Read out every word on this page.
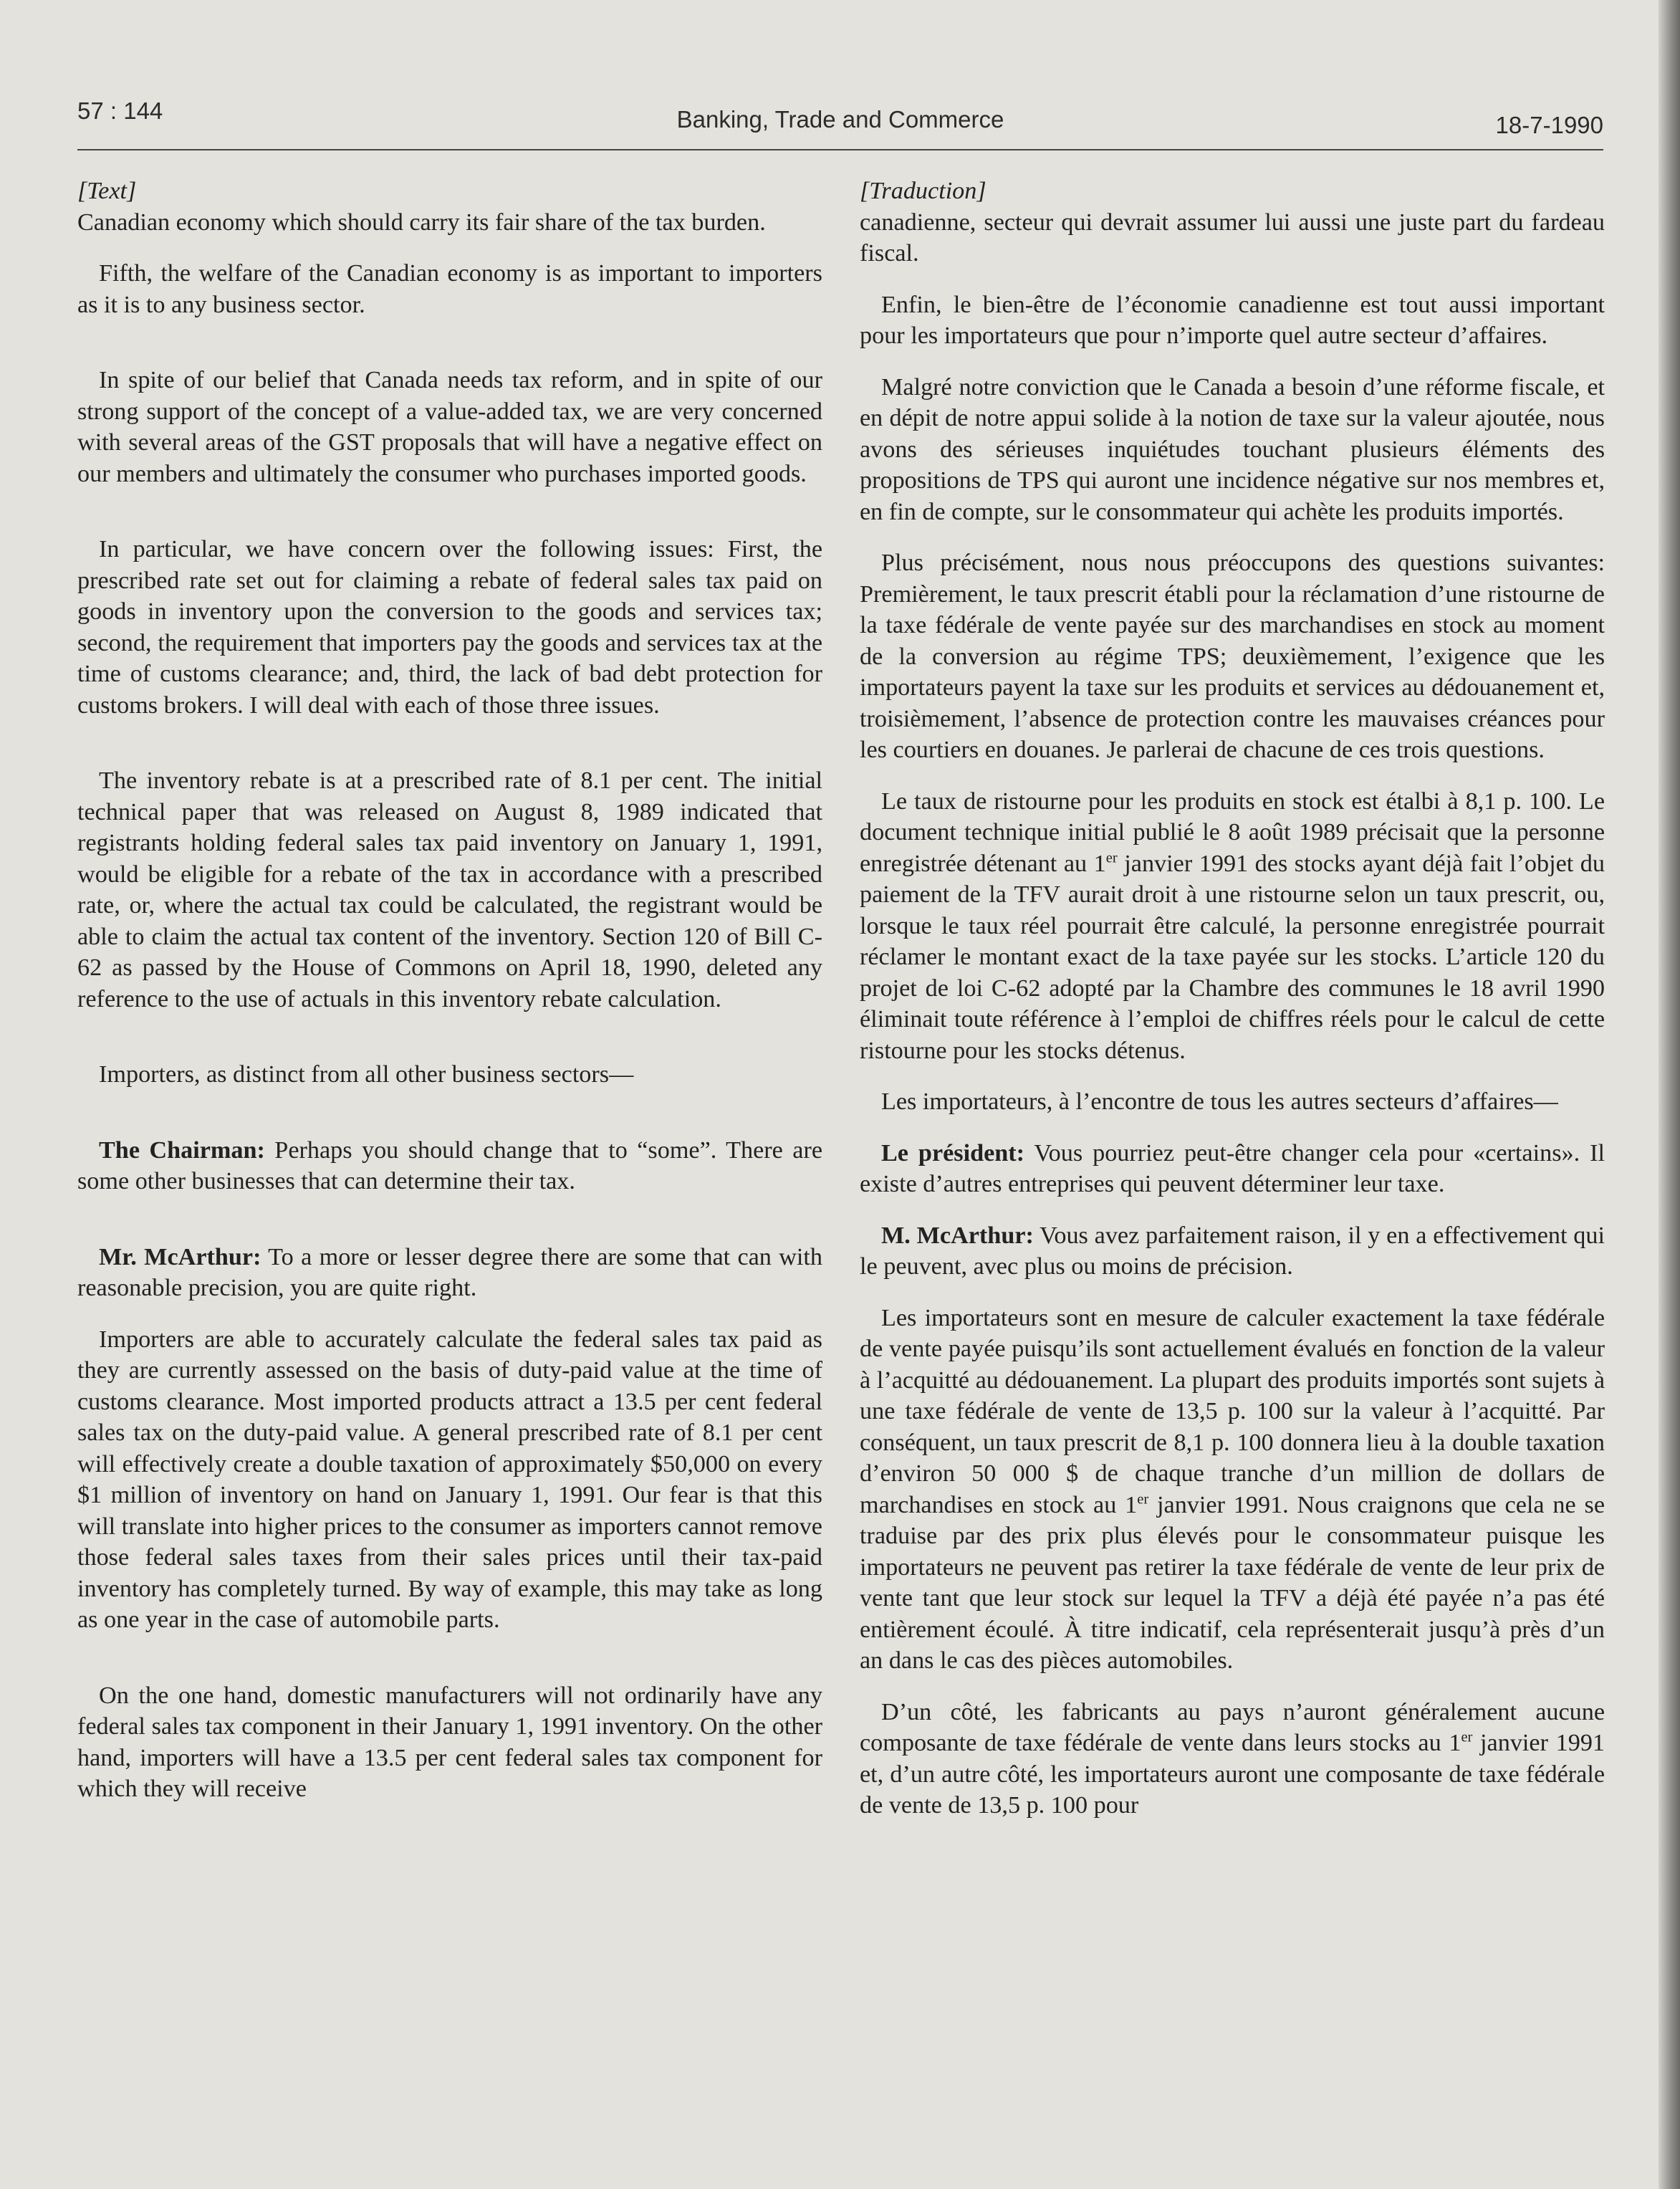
57 : 144	Banking, Trade and Commerce	18-7-1990

[Text]

Canadian economy which should carry its fair share of the tax burden.

Fifth, the welfare of the Canadian economy is as important to importers as it is to any business sector.

In spite of our belief that Canada needs tax reform, and in spite of our strong support of the concept of a value-added tax, we are very concerned with several areas of the GST proposals that will have a negative effect on our members and ultimately the consumer who purchases imported goods.

In particular, we have concern over the following issues: First, the prescribed rate set out for claiming a rebate of federal sales tax paid on goods in inventory upon the conversion to the goods and services tax; second, the requirement that importers pay the goods and services tax at the time of customs clearance; and, third, the lack of bad debt protection for customs brokers. I will deal with each of those three issues.

The inventory rebate is at a prescribed rate of 8.1 per cent. The initial technical paper that was released on August 8, 1989 indicated that registrants holding federal sales tax paid inventory on January 1, 1991, would be eligible for a rebate of the tax in accordance with a prescribed rate, or, where the actual tax could be calculated, the registrant would be able to claim the actual tax content of the inventory. Section 120 of Bill C-62 as passed by the House of Commons on April 18, 1990, deleted any reference to the use of actuals in this inventory rebate calculation.

Importers, as distinct from all other business sectors—

The Chairman: Perhaps you should change that to “some”. There are some other businesses that can determine their tax.

Mr. McArthur: To a more or lesser degree there are some that can with reasonable precision, you are quite right.

Importers are able to accurately calculate the federal sales tax paid as they are currently assessed on the basis of duty-paid value at the time of customs clearance. Most imported products attract a 13.5 per cent federal sales tax on the duty-paid value. A general prescribed rate of 8.1 per cent will effectively create a double taxation of approximately $50,000 on every $1 million of inventory on hand on January 1, 1991. Our fear is that this will translate into higher prices to the consumer as importers cannot remove those federal sales taxes from their sales prices until their tax-paid inventory has completely turned. By way of example, this may take as long as one year in the case of automobile parts.

On the one hand, domestic manufacturers will not ordinarily have any federal sales tax component in their January 1, 1991 inventory. On the other hand, importers will have a 13.5 per cent federal sales tax component for which they will receive

[Traduction]

canadienne, secteur qui devrait assumer lui aussi une juste part du fardeau fiscal.

Enfin, le bien-être de l’économie canadienne est tout aussi important pour les importateurs que pour n’importe quel autre secteur d’affaires.

Malgré notre conviction que le Canada a besoin d’une réforme fiscale, et en dépit de notre appui solide à la notion de taxe sur la valeur ajoutée, nous avons des sérieuses inquiétudes touchant plusieurs éléments des propositions de TPS qui auront une incidence négative sur nos membres et, en fin de compte, sur le consommateur qui achète les produits importés.

Plus précisément, nous nous préoccupons des questions suivantes: Premièrement, le taux prescrit établi pour la réclamation d’une ristourne de la taxe fédérale de vente payée sur des marchandises en stock au moment de la conversion au régime TPS; deuxièmement, l’exigence que les importateurs payent la taxe sur les produits et services au dédouanement et, troisièmement, l’absence de protection contre les mauvaises créances pour les courtiers en douanes. Je parlerai de chacune de ces trois questions.

Le taux de ristourne pour les produits en stock est étalbi à 8,1 p. 100. Le document technique initial publié le 8 août 1989 précisait que la personne enregistrée détenant au 1er janvier 1991 des stocks ayant déjà fait l’objet du paiement de la TFV aurait droit à une ristourne selon un taux prescrit, ou, lorsque le taux réel pourrait être calculé, la personne enregistrée pourrait réclamer le montant exact de la taxe payée sur les stocks. L’article 120 du projet de loi C-62 adopté par la Chambre des communes le 18 avril 1990 éliminait toute référence à l’emploi de chiffres réels pour le calcul de cette ristourne pour les stocks détenus.

Les importateurs, à l’encontre de tous les autres secteurs d’affaires—

Le président: Vous pourriez peut-être changer cela pour «certains». Il existe d’autres entreprises qui peuvent déterminer leur taxe.

M. McArthur: Vous avez parfaitement raison, il y en a effectivement qui le peuvent, avec plus ou moins de précision.

Les importateurs sont en mesure de calculer exactement la taxe fédérale de vente payée puisqu’ils sont actuellement évalués en fonction de la valeur à l’acquitté au dédouanement. La plupart des produits importés sont sujets à une taxe fédérale de vente de 13,5 p. 100 sur la valeur à l’acquitté. Par conséquent, un taux prescrit de 8,1 p. 100 donnera lieu à la double taxation d’environ 50 000 $ de chaque tranche d’un million de dollars de marchandises en stock au 1er janvier 1991. Nous craignons que cela ne se traduise par des prix plus élevés pour le consommateur puisque les importateurs ne peuvent pas retirer la taxe fédérale de vente de leur prix de vente tant que leur stock sur lequel la TFV a déjà été payée n’a pas été entièrement écoulé. À titre indicatif, cela représenterait jusqu’à près d’un an dans le cas des pièces automobiles.

D’un côté, les fabricants au pays n’auront généralement aucune composante de taxe fédérale de vente dans leurs stocks au 1er janvier 1991 et, d’un autre côté, les importateurs auront une composante de taxe fédérale de vente de 13,5 p. 100 pour
